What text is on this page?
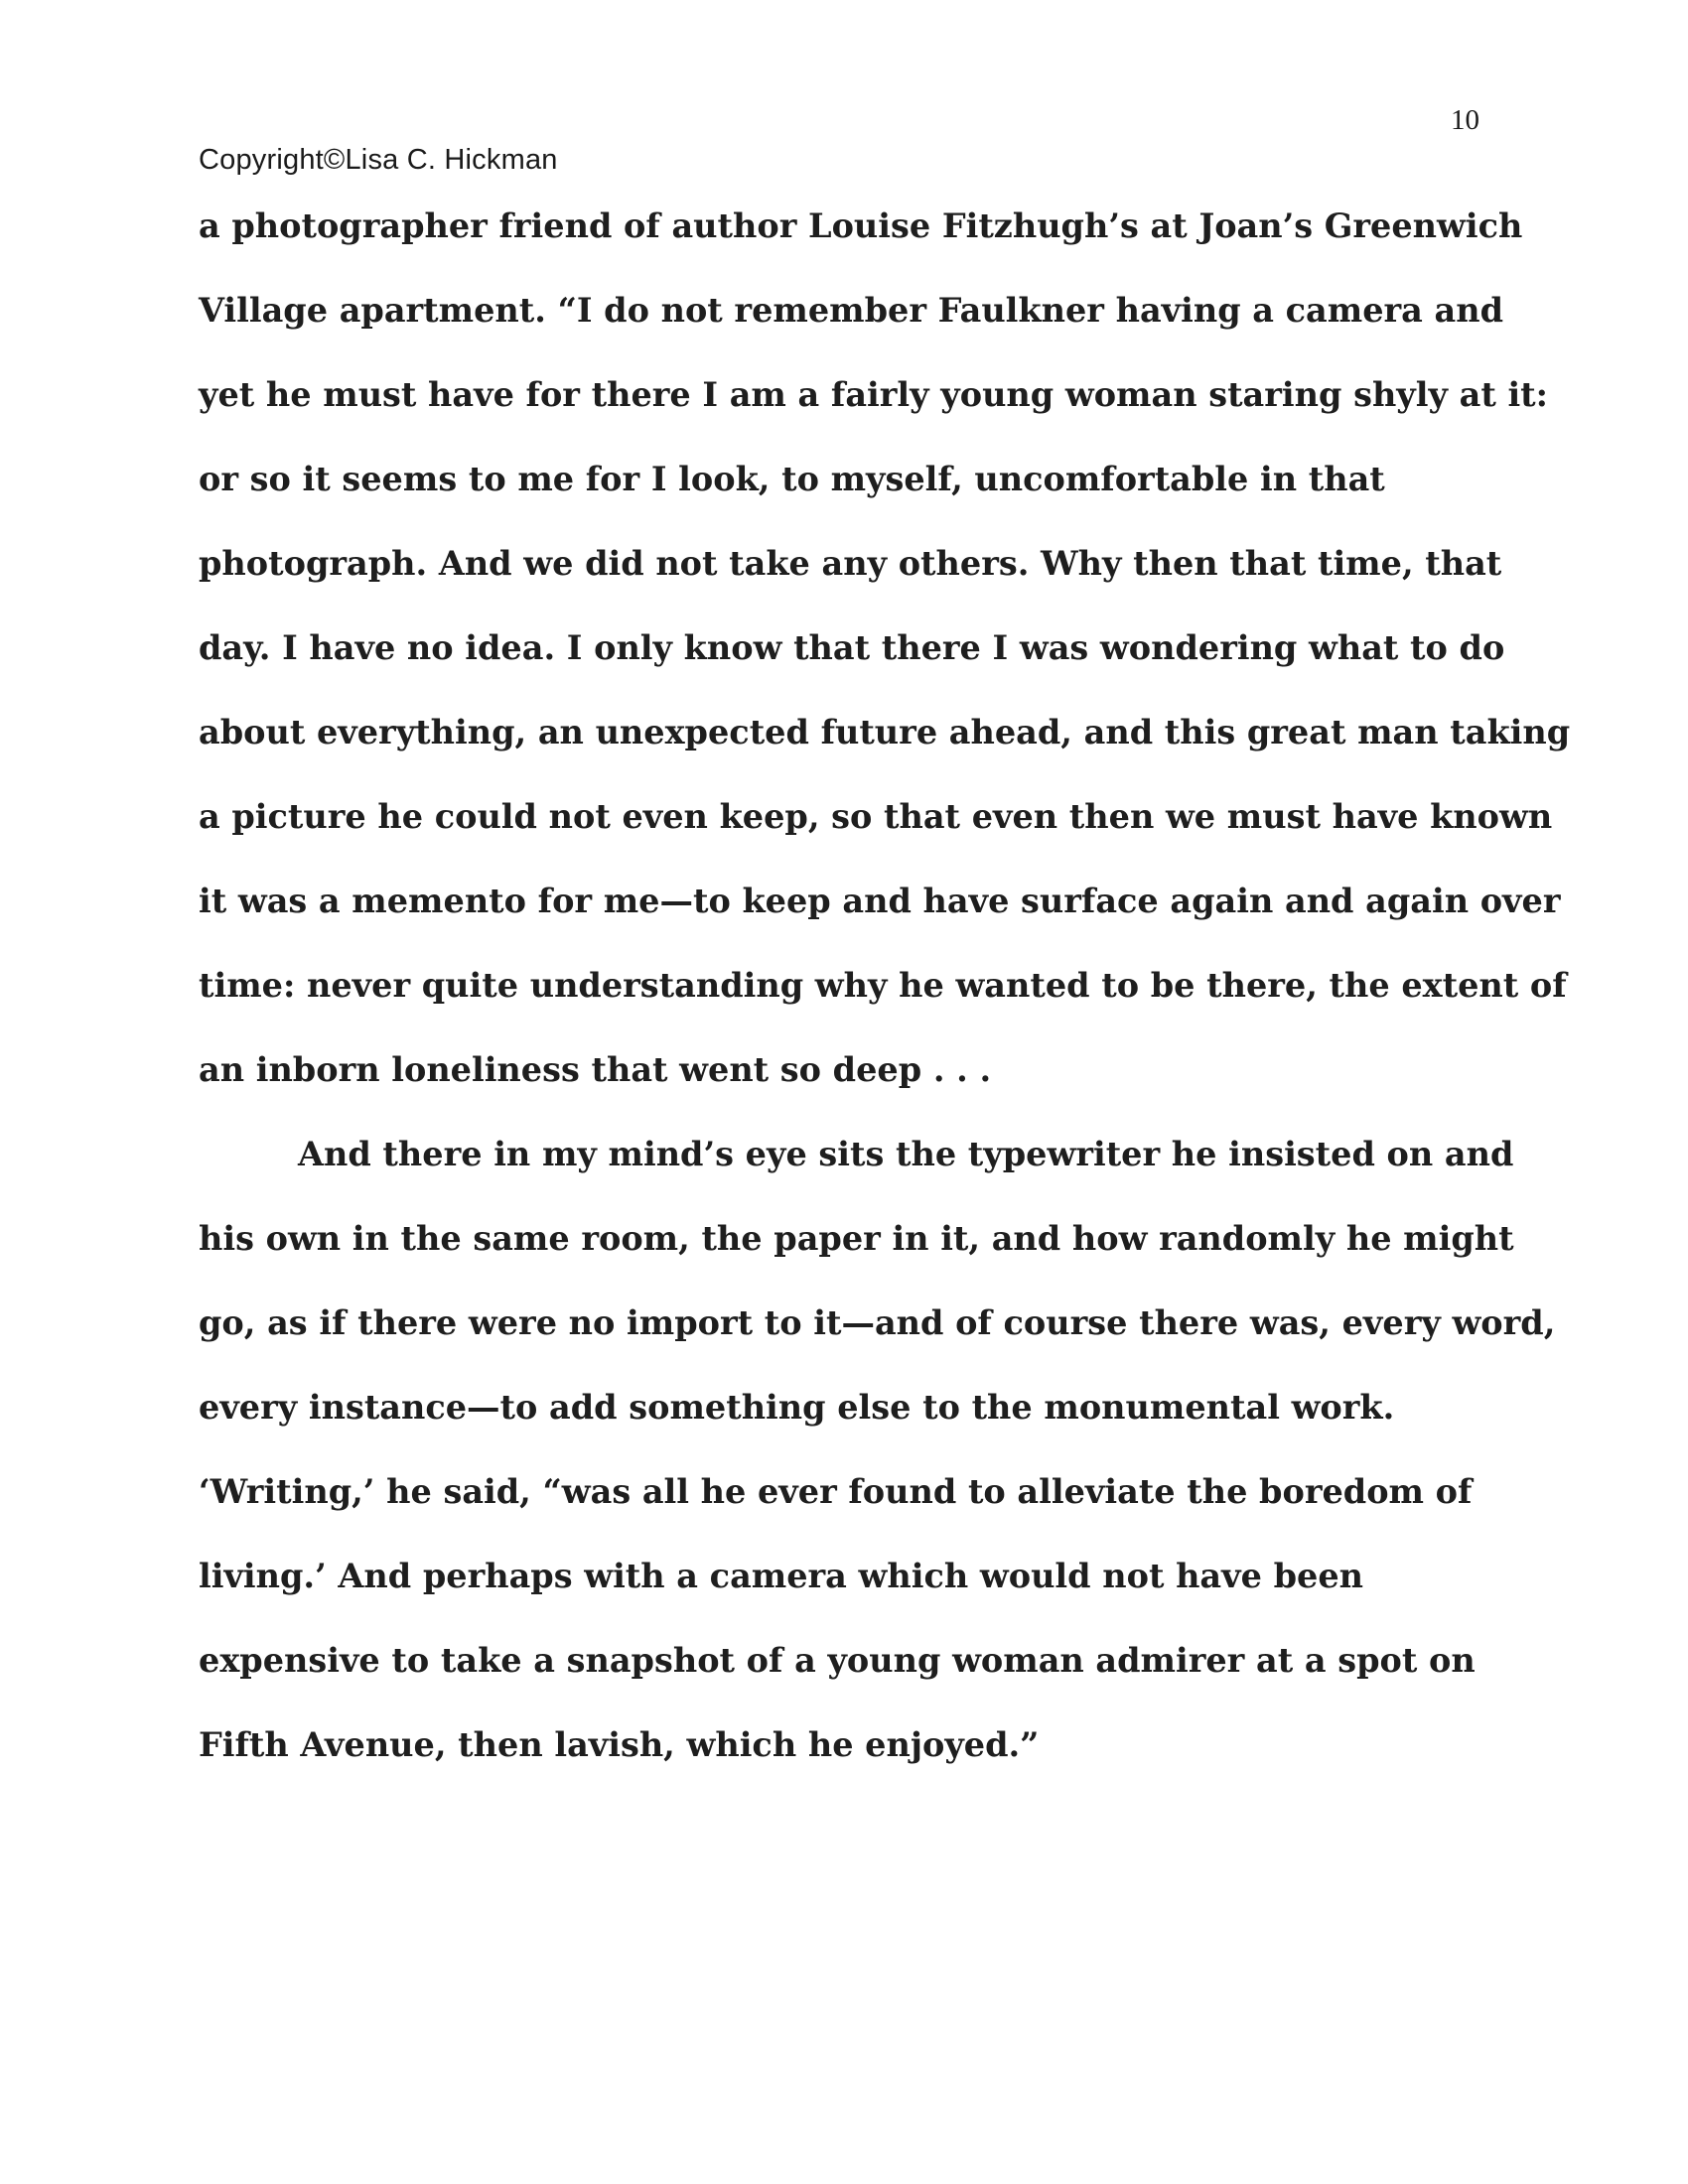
10
Copyright©Lisa C. Hickman
a photographer friend of author Louise Fitzhugh’s at Joan’s Greenwich
Village apartment. “I do not remember Faulkner having a camera and
yet he must have for there I am a fairly young woman staring shyly at it:
or so it seems to me for I look, to myself, uncomfortable in that
photograph. And we did not take any others. Why then that time, that
day. I have no idea. I only know that there I was wondering what to do
about everything, an unexpected future ahead, and this great man taking
a picture he could not even keep, so that even then we must have known
it was a memento for me—to keep and have surface again and again over
time: never quite understanding why he wanted to be there, the extent of
an inborn loneliness that went so deep . . .
And there in my mind’s eye sits the typewriter he insisted on and
his own in the same room, the paper in it, and how randomly he might
go, as if there were no import to it—and of course there was, every word,
every instance—to add something else to the monumental work.
‘Writing,’ he said, “was all he ever found to alleviate the boredom of
living.’ And perhaps with a camera which would not have been
expensive to take a snapshot of a young woman admirer at a spot on
Fifth Avenue, then lavish, which he enjoyed.”
